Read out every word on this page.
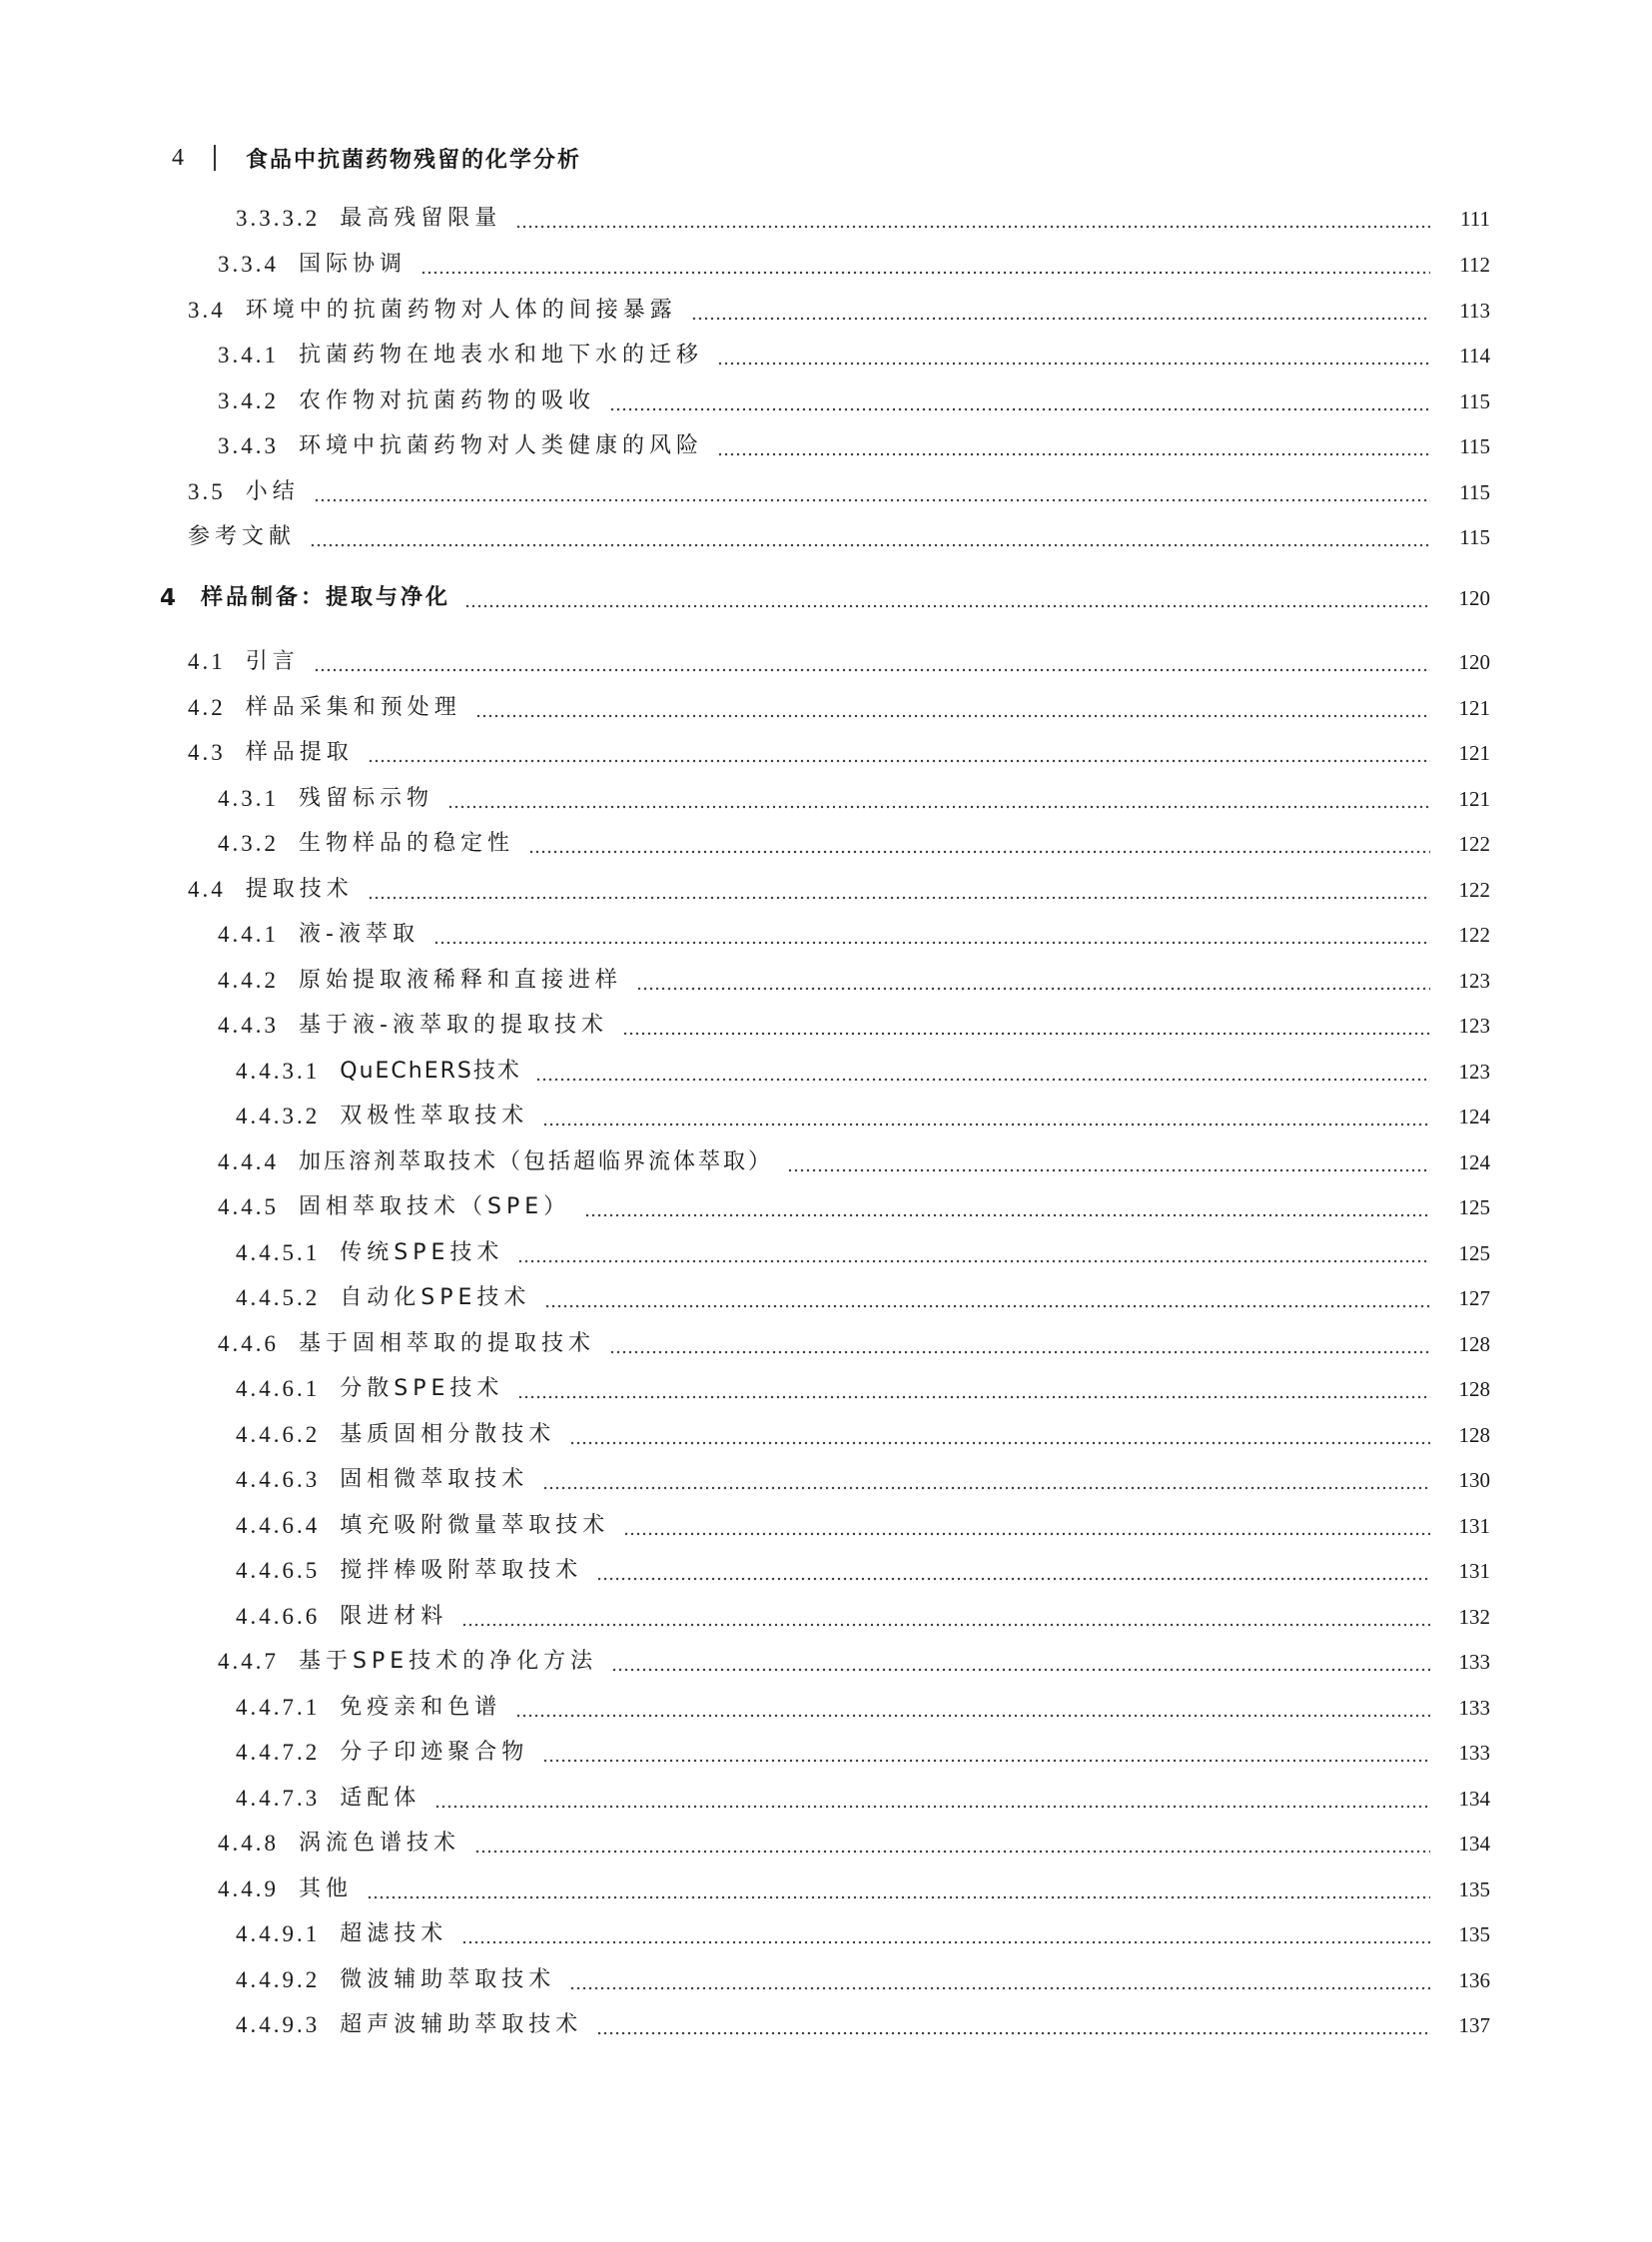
4	食品中抗菌药物残留的化学分析
3.3.3.2 最高残留限量	111
3.3.4 国际协调	112
3.4 环境中的抗菌药物对人体的间接暴露	113
3.4.1 抗菌药物在地表水和地下水的迁移	114
3.4.2 农作物对抗菌药物的吸收	115
3.4.3 环境中抗菌药物对人类健康的风险	115
3.5 小结	115
参考文献	115
4	样品制备：提取与净化	120
4.1 引言	120
4.2 样品采集和预处理	121
4.3 样品提取	121
4.3.1 残留标示物	121
4.3.2 生物样品的稳定性	122
4.4 提取技术	122
4.4.1 液-液萃取	122
4.4.2 原始提取液稀释和直接进样	123
4.4.3 基于液-液萃取的提取技术	123
4.4.3.1 QuEChERS技术	123
4.4.3.2 双极性萃取技术	124
4.4.4 加压溶剂萃取技术（包括超临界流体萃取）	124
4.4.5 固相萃取技术（SPE）	125
4.4.5.1 传统SPE技术	125
4.4.5.2 自动化SPE技术	127
4.4.6 基于固相萃取的提取技术	128
4.4.6.1 分散SPE技术	128
4.4.6.2 基质固相分散技术	128
4.4.6.3 固相微萃取技术	130
4.4.6.4 填充吸附微量萃取技术	131
4.4.6.5 搅拌棒吸附萃取技术	131
4.4.6.6 限进材料	132
4.4.7 基于SPE技术的净化方法	133
4.4.7.1 免疫亲和色谱	133
4.4.7.2 分子印迹聚合物	133
4.4.7.3 适配体	134
4.4.8 涡流色谱技术	134
4.4.9 其他	135
4.4.9.1 超滤技术	135
4.4.9.2 微波辅助萃取技术	136
4.4.9.3 超声波辅助萃取技术	137
